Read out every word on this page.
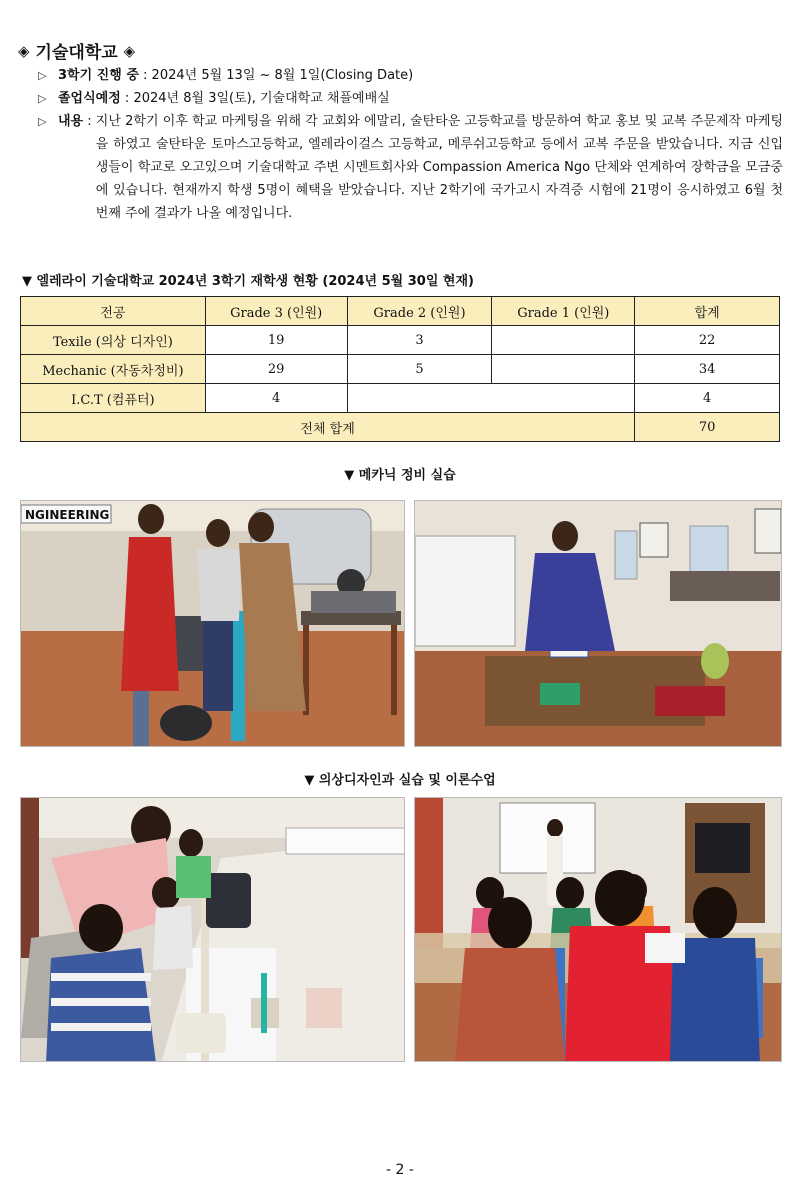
◈ 기술대학교 ◈
▷ 3학기 진행 중 : 2024년 5월 13일 ~ 8월 1일(Closing Date)
▷ 졸업식예정 : 2024년 8월 3일(토), 기술대학교 채플예배실
▷ 내용 : 지난 2학기 이후 학교 마케팅을 위해 각 교회와 에말리, 술탄타운 고등학교를 방문하여 학교 홍보 및 교복 주문제작 마케팅을 하였고 술탄타운 토마스고등학교, 엘레라이걸스 고등학교, 메루쉬고등학교 등에서 교복 주문을 받았습니다. 지금 신입생들이 학교로 오고있으며 기술대학교 주변 시멘트회사와 Compassion America Ngo 단체와 연계하여 장학금을 모금중에 있습니다. 현재까지 학생 5명이 혜택을 받았습니다. 지난 2학기에 국가고시 자격증 시험에 21명이 응시하였고 6월 첫 번째 주에 결과가 나올 예정입니다.
▼ 엘레라이 기술대학교 2024년 3학기 재학생 현황 (2024년 5월 30일 현재)
전공	Grade 3 (인원)	Grade 2 (인원)	Grade 1 (인원)	합계
Texile (의상 디자인)	19	3		22
Mechanic (자동차정비)	29	5		34
I.C.T (컴퓨터)	4			4
전체 합계				70
▼ 메카닉 정비 실습
NGINEERING
▼ 의상디자인과 실습 및 이론수업
- 2 -
